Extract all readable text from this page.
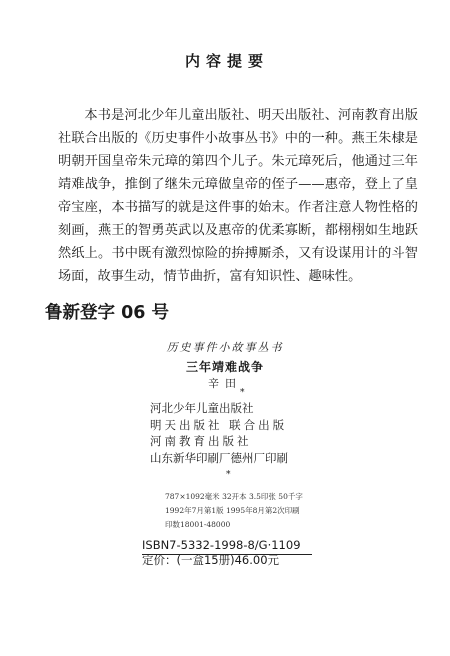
内容提要

本书是河北少年儿童出版社、明天出版社、河南教育出版社联合出版的《历史事件小故事丛书》中的一种。燕王朱棣是明朝开国皇帝朱元璋的第四个儿子。朱元璋死后，他通过三年靖难战争，推倒了继朱元璋做皇帝的侄子——惠帝，登上了皇帝宝座，本书描写的就是这件事的始末。作者注意人物性格的刻画，燕王的智勇英武以及惠帝的优柔寡断，都栩栩如生地跃然纸上。书中既有激烈惊险的拚搏厮杀，又有设谋用计的斗智场面，故事生动，情节曲折，富有知识性、趣味性。

鲁新登字 06 号
历史事件小故事丛书
三年靖难战争
辛田
*
河北少年儿童出版社
明天出版社 联合出版
河南教育出版社
山东新华印刷厂德州厂印刷
*
787×1092毫米 32开本 3.5印张 50千字
1992年7月第1版 1995年8月第2次印刷
印数18001-48000
ISBN7-5332-1998-8/G·1109
定价：(一盒15册)46.00元
